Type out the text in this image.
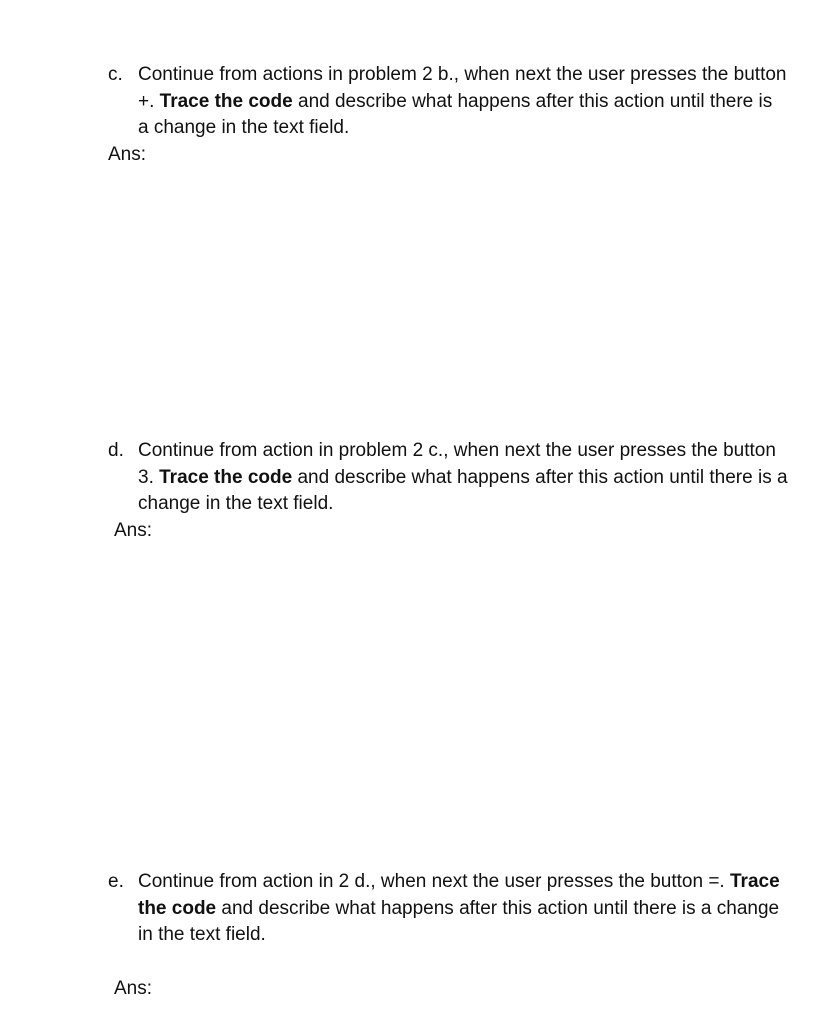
c. Continue from actions in problem 2 b., when next the user presses the button +. Trace the code and describe what happens after this action until there is a change in the text field.
Ans:
d. Continue from action in problem 2 c., when next the user presses the button 3. Trace the code and describe what happens after this action until there is a change in the text field.
Ans:
e. Continue from action in 2 d., when next the user presses the button =. Trace the code and describe what happens after this action until there is a change in the text field.
Ans:
